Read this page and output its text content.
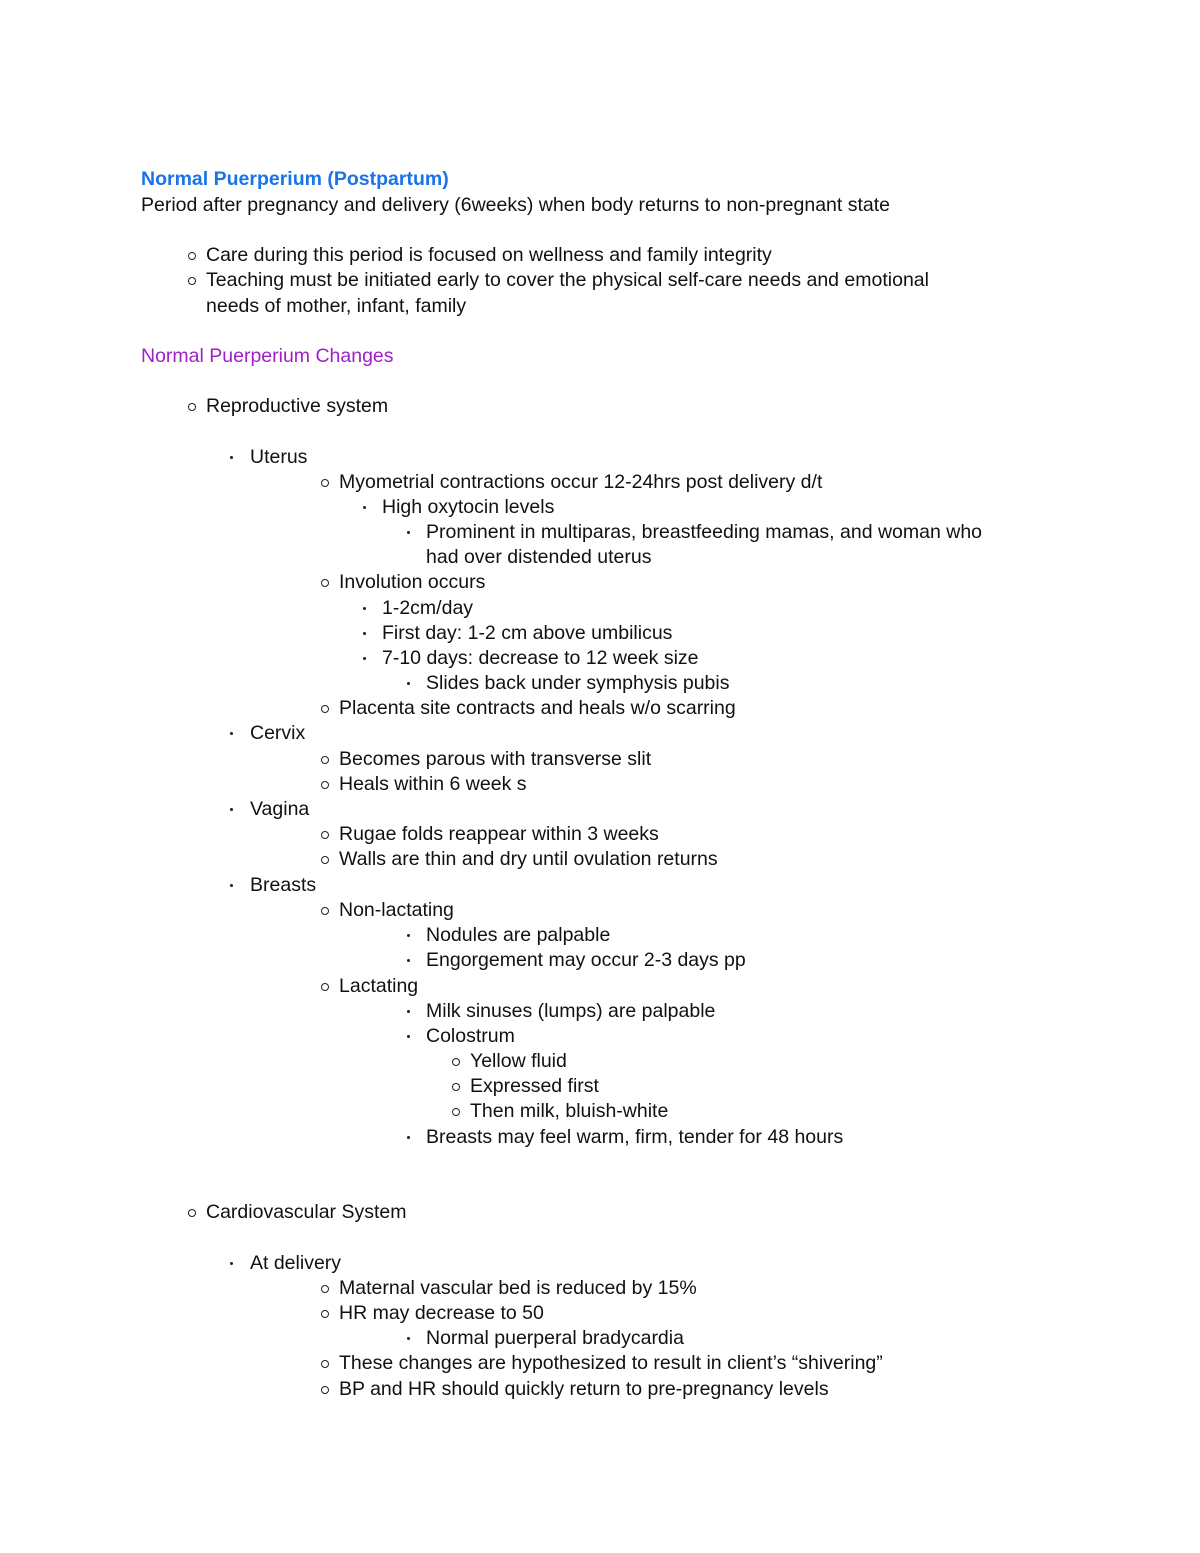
Normal Puerperium (Postpartum)
Period after pregnancy and delivery (6weeks) when body returns to non-pregnant state
Care during this period is focused on wellness and family integrity
Teaching must be initiated early to cover the physical self-care needs and emotional
needs of mother, infant, family
Normal Puerperium Changes
Reproductive system
Uterus
Myometrial contractions occur 12-24hrs post delivery d/t
High oxytocin levels
Prominent in multiparas, breastfeeding mamas, and woman who
had over distended uterus
Involution occurs
1-2cm/day
First day: 1-2 cm above umbilicus
7-10 days: decrease to 12 week size
Slides back under symphysis pubis
Placenta site contracts and heals w/o scarring
Cervix
Becomes parous with transverse slit
Heals within 6 week s
Vagina
Rugae folds reappear within 3 weeks
Walls are thin and dry until ovulation returns
Breasts
Non-lactating
Nodules are palpable
Engorgement may occur 2-3 days pp
Lactating
Milk sinuses (lumps) are palpable
Colostrum
Yellow fluid
Expressed first
Then milk, bluish-white
Breasts may feel warm, firm, tender for 48 hours
Cardiovascular System
At delivery
Maternal vascular bed is reduced by 15%
HR may decrease to 50
Normal puerperal bradycardia
These changes are hypothesized to result in client’s “shivering”
BP and HR should quickly return to pre-pregnancy levels
